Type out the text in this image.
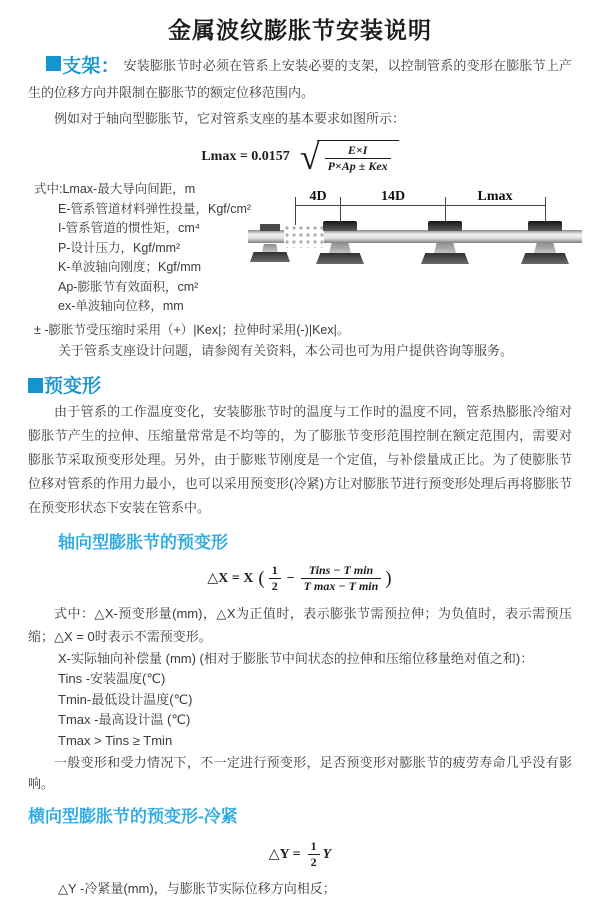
金属波纹膨胀节安装说明

支架： 安装膨胀节时必须在管系上安装必要的支架，以控制管系的变形在膨胀节上产生的位移方向并限制在膨胀节的额定位移范围内。

例如对于轴向型膨胀节，它对管系支座的基本要求如图所示：

Lmax = 0.0157 √ $\frac{E\times I}{\text{P×Ap ± Kex}}$
式中:Lmax-最大导向间距，m
E-管系管道材料弹性投量，Kgf/cm²
I-管系管道的惯性矩，cm⁴
P-设计压力，Kgf/mm²
K-单波轴向刚度；Kgf/mm
Ap-膨胀节有效面积，cm²
ex-单波轴向位移，mm
± -膨胀节受压缩时采用（+）|Kex|；拉伸时采用(-)|Kex|。
关于管系支座设计问题，请参阅有关资料，本公司也可为用户提供咨询等服务。
4D	14D	Lmax
预变形

由于管系的工作温度变化，安装膨胀节时的温度与工作时的温度不同，管系热膨胀冷缩对膨胀节产生的拉伸、压缩量常常是不均等的，为了膨胀节变形范围控制在额定范围内，需要对膨胀节采取预变形处理。另外，由于膨账节刚度是一个定值，与补偿量成正比。为了使膨胀节位移对管系的作用力最小，也可以采用预变形(冷紧)方让对膨胀节进行预变形处理后再将膨胀节在预变形状态下安装在管系中。

轴向型膨胀节的预变形
△X = X ( $\frac{1}{2} - \frac{\text{Tins − T min}}{\text{T max − T min}}$ )

式中：△X-预变形量(mm)，△X为正值时，表示膨张节需预拉伸；为负值时，表示需预压缩；△X = 0时表示不需预变形。

X-实际轴向补偿量 (mm) (相对于膨胀节中间状态的拉伸和压缩位移量绝对值之和)：
Tins -安装温度(℃)
Tmin-最低设计温度(℃)
Tmax -最高设计温 (℃)
Tmax > Tins ≥ Tmin

一般变形和受力情况下，不一定进行预变形，足否预变形对膨胀节的疲劳寿命几乎没有影响。

横向型膨胀节的预变形-冷紧
△Y = $\frac{1}{2}$ Y
△Y -冷紧量(mm)，与膨胀节实际位移方向相反；
